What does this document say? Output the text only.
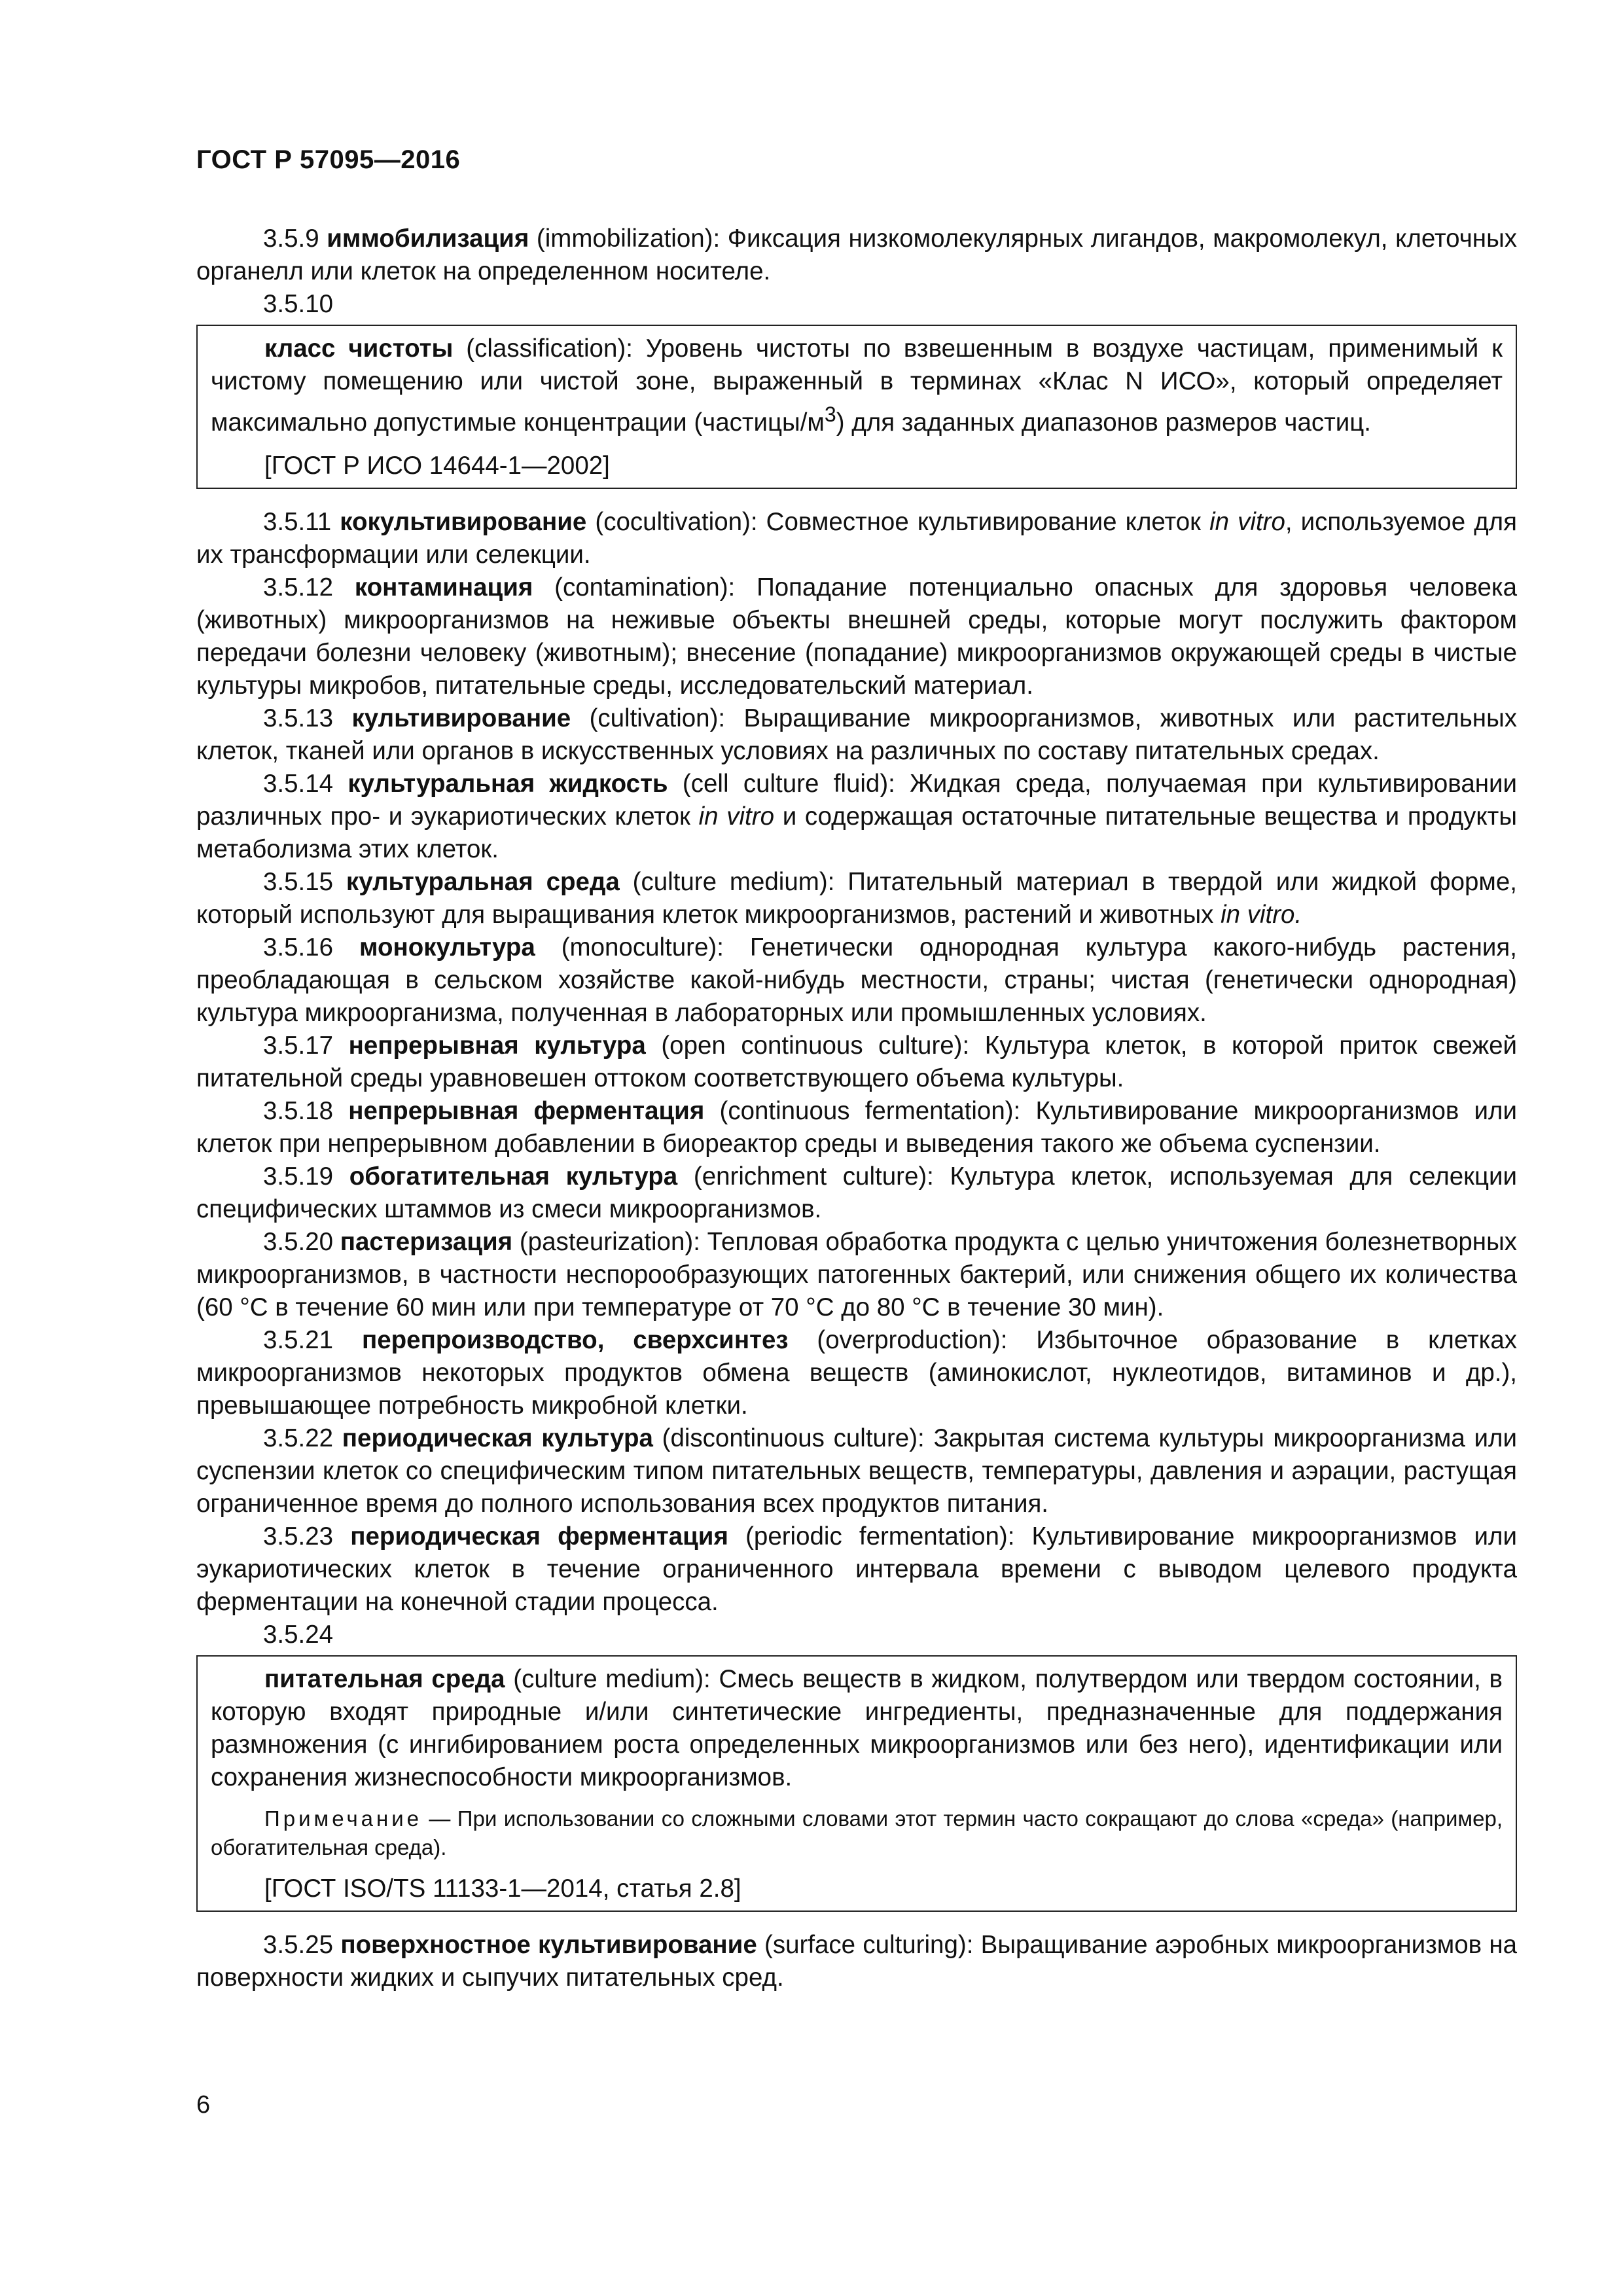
ГОСТ Р 57095—2016

3.5.9 иммобилизация (immobilization): Фиксация низкомолекулярных лигандов, макромолекул, клеточных органелл или клеток на определенном носителе.

3.5.10

класс чистоты (classification): Уровень чистоты по взвешенным в воздухе частицам, применимый к чистому помещению или чистой зоне, выраженный в терминах «Клас N ИСО», который определяет максимально допустимые концентрации $(частицы/м^3)$ для заданных диапазонов размеров частиц.

[ГОСТ Р ИСО 14644-1—2002]

3.5.11 кокультивирование (cocultivation): Совместное культивирование клеток in vitro, используемое для их трансформации или селекции.

3.5.12 контаминация (contamination): Попадание потенциально опасных для здоровья человека (животных) микроорганизмов на неживые объекты внешней среды, которые могут послужить фактором передачи болезни человеку (животным); внесение (попадание) микроорганизмов окружающей среды в чистые культуры микробов, питательные среды, исследовательский материал.

3.5.13 культивирование (cultivation): Выращивание микроорганизмов, животных или растительных клеток, тканей или органов в искусственных условиях на различных по составу питательных средах.

3.5.14 культуральная жидкость (cell culture fluid): Жидкая среда, получаемая при культивировании различных про- и эукариотических клеток in vitro и содержащая остаточные питательные вещества и продукты метаболизма этих клеток.

3.5.15 культуральная среда (culture medium): Питательный материал в твердой или жидкой форме, который используют для выращивания клеток микроорганизмов, растений и животных in vitro.

3.5.16 монокультура (monoculture): Генетически однородная культура какого-нибудь растения, преобладающая в сельском хозяйстве какой-нибудь местности, страны; чистая (генетически однородная) культура микроорганизма, полученная в лабораторных или промышленных условиях.

3.5.17 непрерывная культура (open continuous culture): Культура клеток, в которой приток свежей питательной среды уравновешен оттоком соответствующего объема культуры.

3.5.18 непрерывная ферментация (continuous fermentation): Культивирование микроорганизмов или клеток при непрерывном добавлении в биореактор среды и выведения такого же объема суспензии.

3.5.19 обогатительная культура (enrichment culture): Культура клеток, используемая для селекции специфических штаммов из смеси микроорганизмов.

3.5.20 пастеризация (pasteurization): Тепловая обработка продукта с целью уничтожения болезнетворных микроорганизмов, в частности неспорообразующих патогенных бактерий, или снижения общего их количества (60 °C в течение 60 мин или при температуре от 70 °C до 80 °C в течение 30 мин).

3.5.21 перепроизводство, сверхсинтез (overproduction): Избыточное образование в клетках микроорганизмов некоторых продуктов обмена веществ (аминокислот, нуклеотидов, витаминов и др.), превышающее потребность микробной клетки.

3.5.22 периодическая культура (discontinuous culture): Закрытая система культуры микроорганизма или суспензии клеток со специфическим типом питательных веществ, температуры, давления и аэрации, растущая ограниченное время до полного использования всех продуктов питания.

3.5.23 периодическая ферментация (periodic fermentation): Культивирование микроорганизмов или эукариотических клеток в течение ограниченного интервала времени с выводом целевого продукта ферментации на конечной стадии процесса.

3.5.24

питательная среда (culture medium): Смесь веществ в жидком, полутвердом или твердом состоянии, в которую входят природные и/или синтетические ингредиенты, предназначенные для поддержания размножения (с ингибированием роста определенных микроорганизмов или без него), идентификации или сохранения жизнеспособности микроорганизмов.

Примечание — При использовании со сложными словами этот термин часто сокращают до слова «среда» (например, обогатительная среда).

[ГОСТ ISO/TS 11133-1—2014, статья 2.8]

3.5.25 поверхностное культивирование (surface culturing): Выращивание аэробных микроорганизмов на поверхности жидких и сыпучих питательных сред.

6
